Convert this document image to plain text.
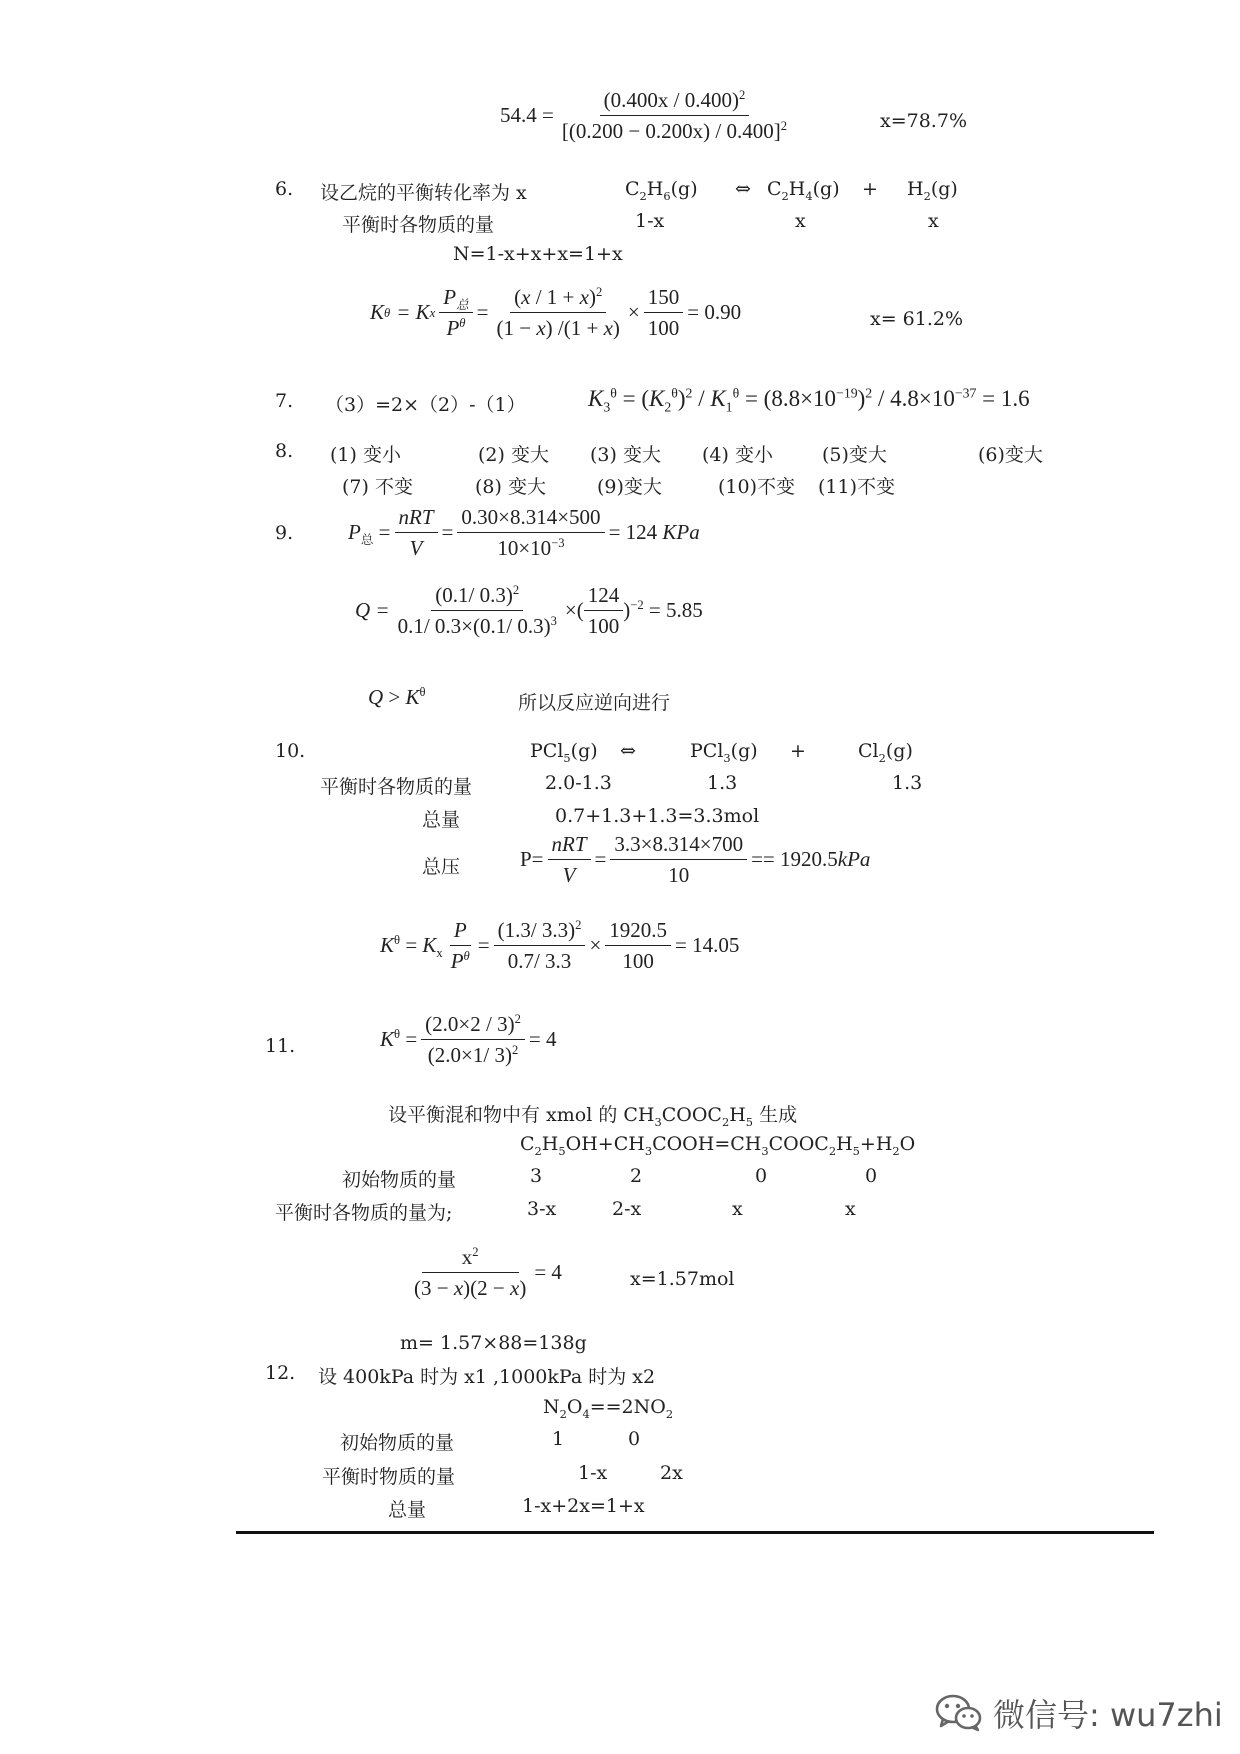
$54.4 = \frac{(0.400x / 0.400)^2}{[(0.200 - 0.200x) / 0.400]^2}$	x=78.7%
6. 设乙烷的平衡转化率为 x	$C_2H_6(g)$ ⇔ $C_2H_4(g) + H_2(g)$
平衡时各物质的量	1-x	x	x
N=1-x+x+x=1+x
K θ = K x $\frac{P_总}{P^\theta} = \frac{(x / 1 + x)^2}{(1 - x) /(1 + x)} \times \frac{150}{100} = 0.90$	x= 61.2%
7. （3）=2×（2）-（1）	$K_3^\theta = (K_2^\theta)^2 / K_1^\theta = (8.8\times 10^{-19})^2 / 4.8\times 10^{-37} = 1.6$
8. (1) 变小	(2) 变大 (3) 变大 (4) 变小	(5)变大	(6)变大
(7) 不变	(8) 变大	(9)变大	(10)不变 (11)不变
9.	$P_总 = \frac{\text{nRT}}{V} = \frac{0.30\times 8.314\times 500}{10\times 10^{-3}} = 124$
KPa
$Q = \frac{(0.1/ 0.3)^2}{0.1/ 0.3\times(0.1/ 0.3)^3}$ ×( $\frac{124}{100} )^{-2} = 5.85$
$Q > K^\theta$	所以反应逆向进行
10.	PCl$_5$(g) ⇔	PCl$_3$(g) +	$Cl_2(g)$
平衡时各物质的量	2.0-1.3	1.3	1.3
总量	0.7+1.3+1.3=3.3mol
总压	$P= \frac{\text{nRT}}{V} = \frac{3.3\times 8.314\times 700}{10} == 1920.5$ kPa
$K^\theta = K_x \frac{P}{P^\theta} = \frac{(1.3/ 3.3)^2}{0.7/ 3.3} \times \frac{1920.5}{100} = 14.05$
11.	$K^\theta = \frac{(2.0\times 2 / 3)^2}{(2.0\times 1/ 3)^2} = 4$
设平衡混和物中有 xmol 的 $CH_3COOC_2H_5$ 生成
$C_2H_5OH+CH_3COOH=CH_3COOC_2H_5+H_2O$
初始物质的量	3	2	0	0
平衡时各物质的量为;	3-x	2-x	x	x
$\frac{x^2}{(3 - x)(2 - x)} = 4$	x=1.57mol
m= 1.57×88=138g
12. 设 400kPa 时为 x1 ,1000kPa 时为 x2
$N_2O_4==2NO_2$
初始物质的量	1	0
平衡时物质的量	1-x	2x
总量	1-x+2x=1+x
微信号: wu7zhi
